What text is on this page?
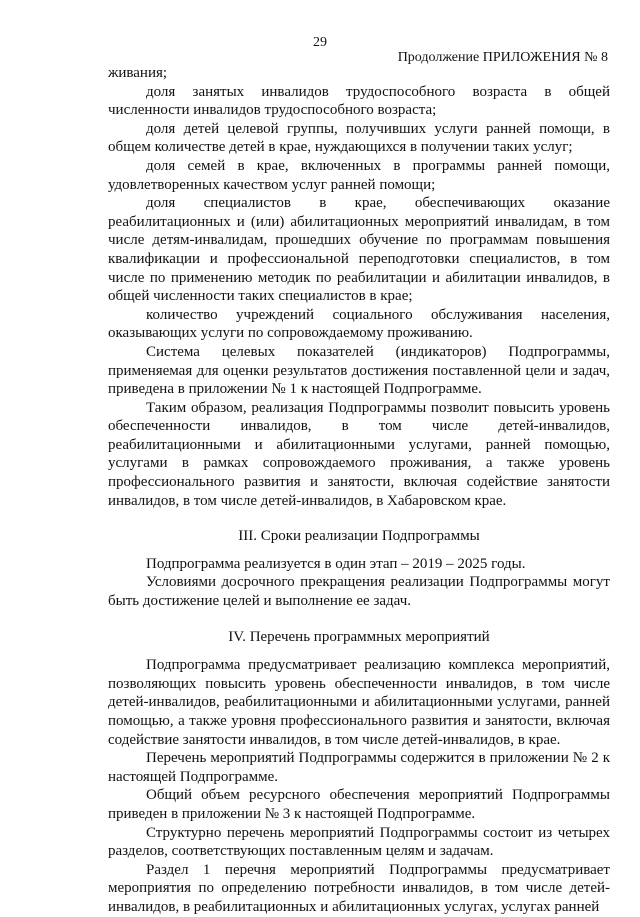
29
Продолжение ПРИЛОЖЕНИЯ № 8

живания;

доля занятых инвалидов трудоспособного возраста в общей численности инвалидов трудоспособного возраста;

доля детей целевой группы, получивших услуги ранней помощи, в общем количестве детей в крае, нуждающихся в получении таких услуг;

доля семей в крае, включенных в программы ранней помощи, удовлетворенных качеством услуг ранней помощи;

доля специалистов в крае, обеспечивающих оказание реабилитационных и (или) абилитационных мероприятий инвалидам, в том числе детям-инвалидам, прошедших обучение по программам повышения квалификации и профессиональной переподготовки специалистов, в том числе по применению методик по реабилитации и абилитации инвалидов, в общей численности таких специалистов в крае;

количество учреждений социального обслуживания населения, оказывающих услуги по сопровождаемому проживанию.

Система целевых показателей (индикаторов) Подпрограммы, применяемая для оценки результатов достижения поставленной цели и задач, приведена в приложении № 1 к настоящей Подпрограмме.

Таким образом, реализация Подпрограммы позволит повысить уровень обеспеченности инвалидов, в том числе детей-инвалидов, реабилитационными и абилитационными услугами, ранней помощью, услугами в рамках сопровождаемого проживания, а также уровень профессионального развития и занятости, включая содействие занятости инвалидов, в том числе детей-инвалидов, в Хабаровском крае.

III. Сроки реализации Подпрограммы

Подпрограмма реализуется в один этап – 2019 – 2025 годы.

Условиями досрочного прекращения реализации Подпрограммы могут быть достижение целей и выполнение ее задач.

IV. Перечень программных мероприятий

Подпрограмма предусматривает реализацию комплекса мероприятий, позволяющих повысить уровень обеспеченности инвалидов, в том числе детей-инвалидов, реабилитационными и абилитационными услугами, ранней помощью, а также уровня профессионального развития и занятости, включая содействие занятости инвалидов, в том числе детей-инвалидов, в крае.

Перечень мероприятий Подпрограммы содержится в приложении № 2 к настоящей Подпрограмме.

Общий объем ресурсного обеспечения мероприятий Подпрограммы приведен в приложении № 3 к настоящей Подпрограмме.

Структурно перечень мероприятий Подпрограммы состоит из четырех разделов, соответствующих поставленным целям и задачам.

Раздел 1 перечня мероприятий Подпрограммы предусматривает мероприятия по определению потребности инвалидов, в том числе детей-инвалидов, в реабилитационных и абилитационных услугах, услугах ранней
